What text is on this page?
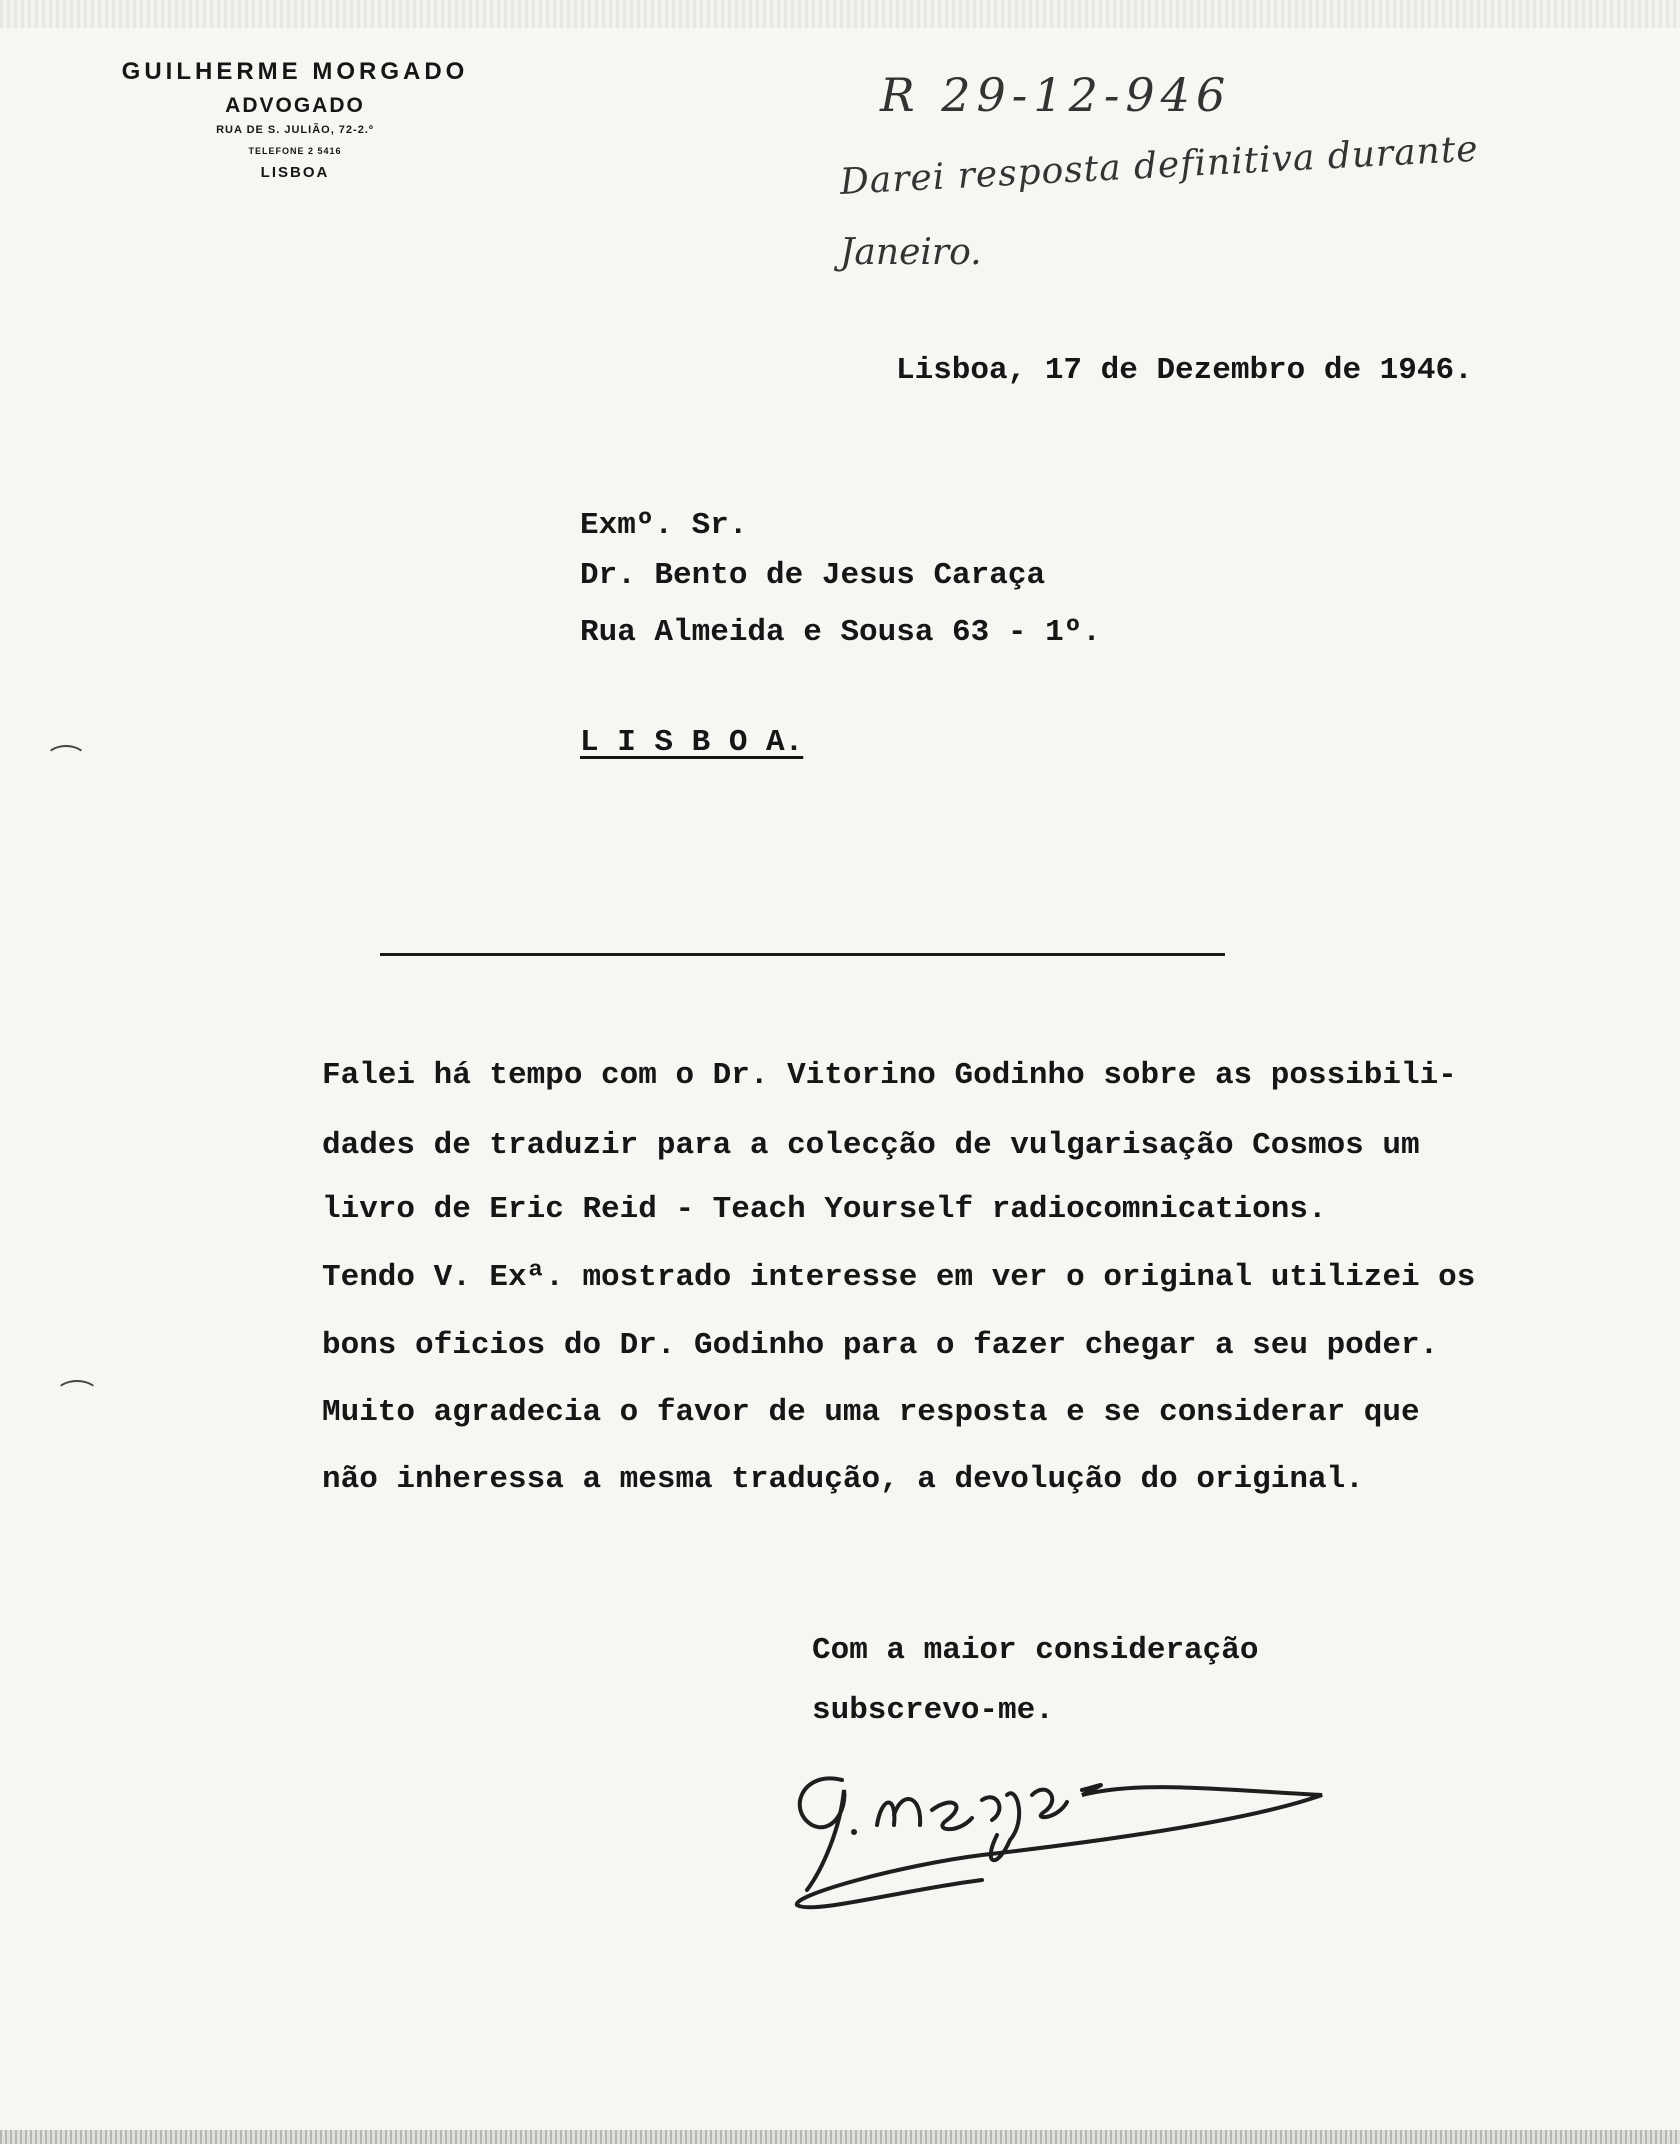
GUILHERME MORGADO
ADVOGADO
RUA DE S. JULIÃO, 72-2.º
TELEFONE 2 5416
LISBOA
R 29-12-946
Darei resposta definitiva durante
Janeiro.
Lisboa, 17 de Dezembro de 1946.
Exmº. Sr.
Dr. Bento de Jesus Caraça
Rua Almeida e Sousa 63 - 1º.
L I S B O A.
Falei há tempo com o Dr. Vitorino Godinho sobre as possibili-
dades de traduzir para a colecção de vulgarisação Cosmos um
livro de Eric Reid - Teach Yourself radiocomnications.
Tendo V. Exª. mostrado interesse em ver o original utilizei os
bons oficios do Dr. Godinho para o fazer chegar a seu poder.
Muito agradecia o favor de uma resposta e se considerar que
não inheressa a mesma tradução, a devolução do original.
Com a maior consideração
subscrevo-me.
